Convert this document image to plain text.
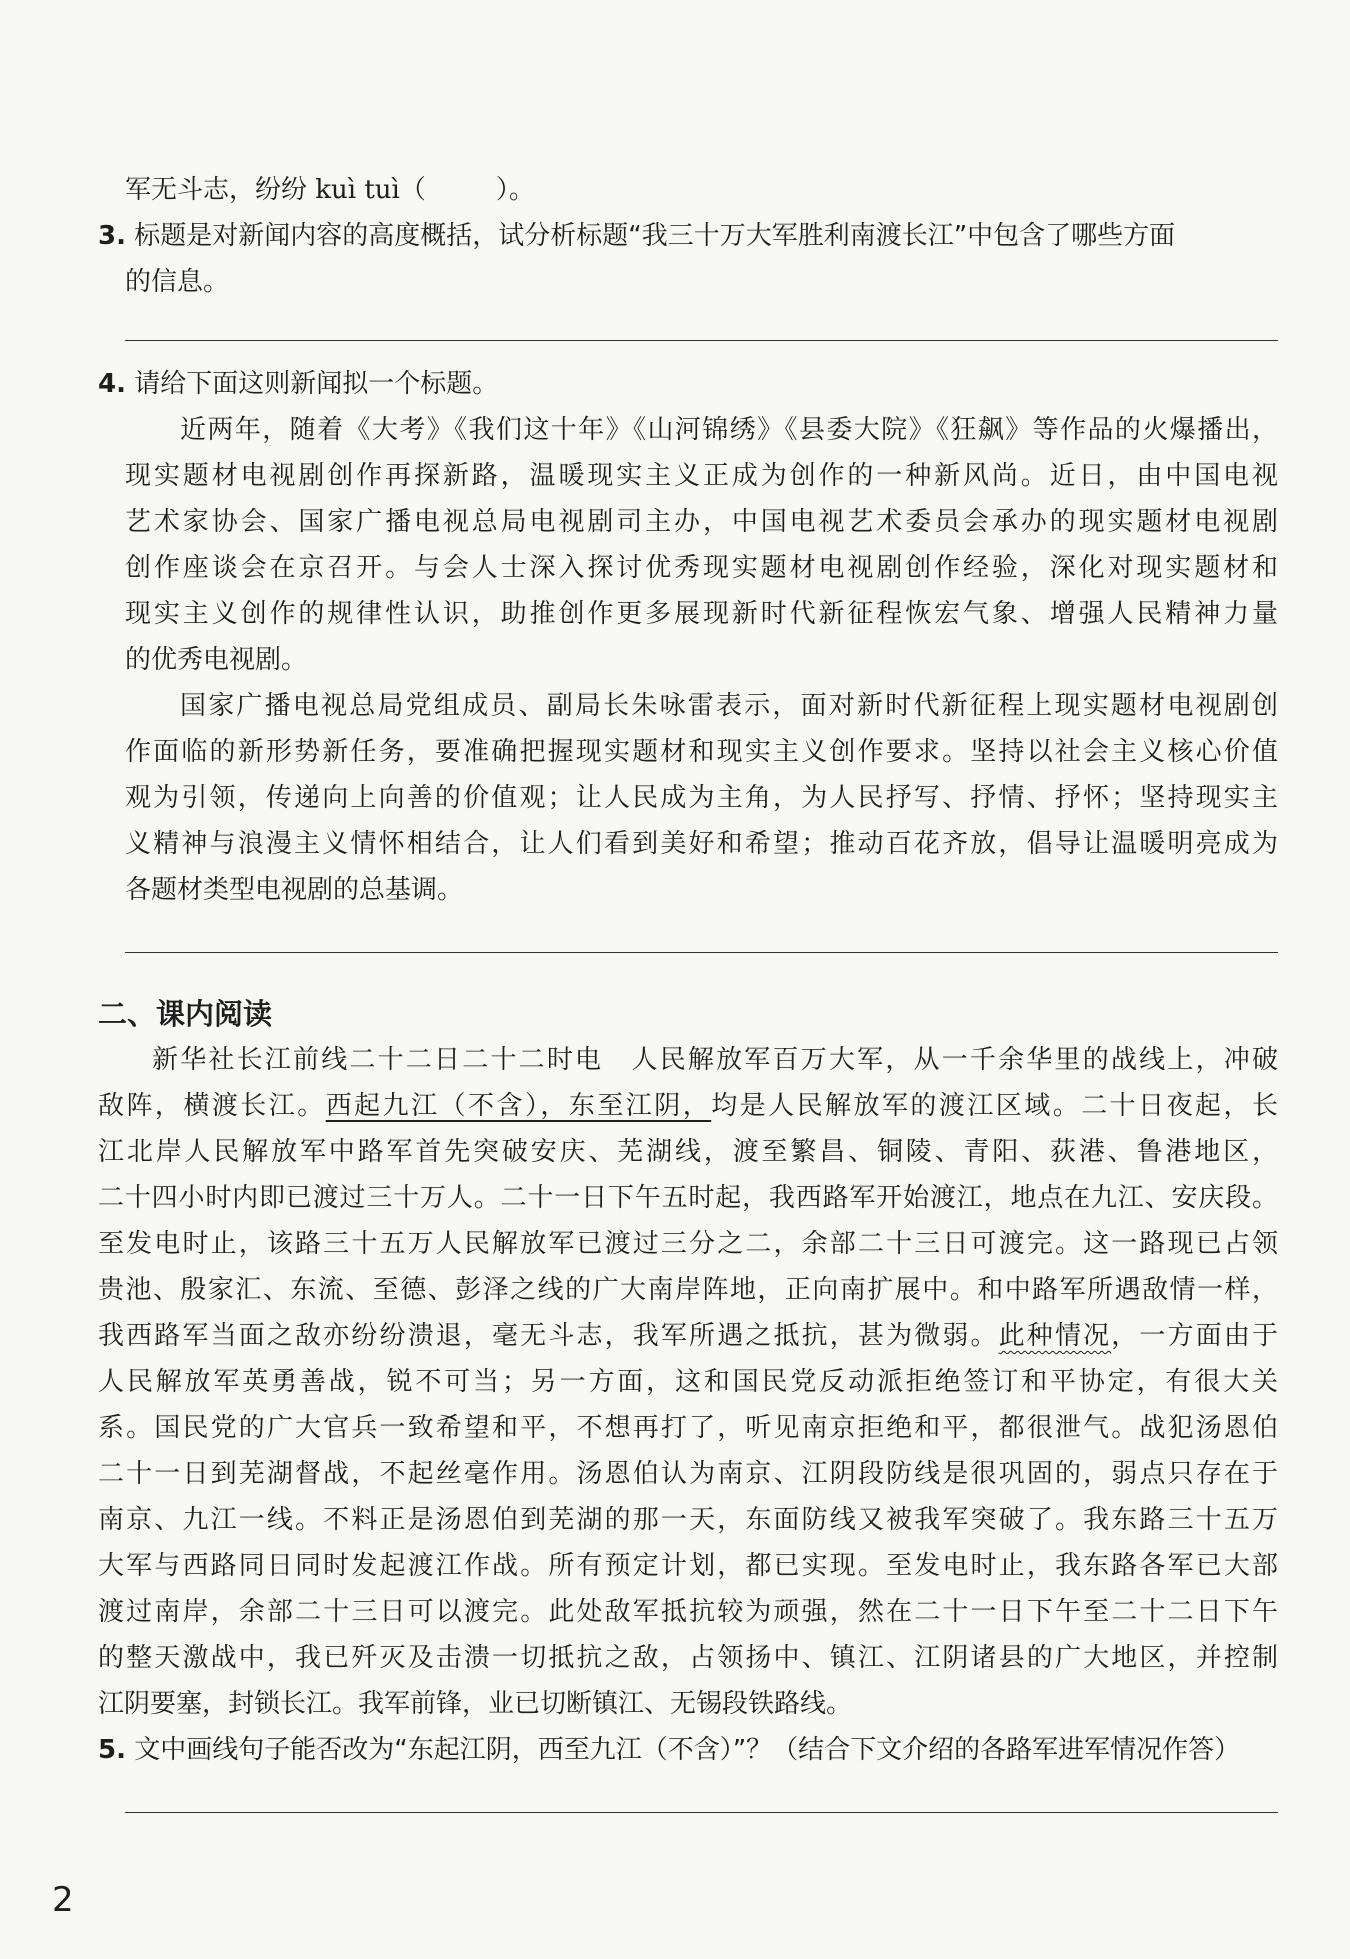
军无斗志，纷纷 kuì tuì（	）。
3. 标题是对新闻内容的高度概括，试分析标题“我三十万大军胜利南渡长江”中包含了哪些方面
的信息。
4. 请给下面这则新闻拟一个标题。
近两年，随着《大考》《我们这十年》《山河锦绣》《县委大院》《狂飙》等作品的火爆播出，
现实题材电视剧创作再探新路，温暖现实主义正成为创作的一种新风尚。近日，由中国电视
艺术家协会、国家广播电视总局电视剧司主办，中国电视艺术委员会承办的现实题材电视剧
创作座谈会在京召开。与会人士深入探讨优秀现实题材电视剧创作经验，深化对现实题材和
现实主义创作的规律性认识，助推创作更多展现新时代新征程恢宏气象、增强人民精神力量
的优秀电视剧。
国家广播电视总局党组成员、副局长朱咏雷表示，面对新时代新征程上现实题材电视剧创
作面临的新形势新任务，要准确把握现实题材和现实主义创作要求。坚持以社会主义核心价值
观为引领，传递向上向善的价值观；让人民成为主角，为人民抒写、抒情、抒怀；坚持现实主
义精神与浪漫主义情怀相结合，让人们看到美好和希望；推动百花齐放，倡导让温暖明亮成为
各题材类型电视剧的总基调。
二、课内阅读
新华社长江前线二十二日二十二时电　 人民解放军百万大军，从一千余华里的战线上，冲破
敌阵，横渡长江。西起九江（不含），东至江阴，均是人民解放军的渡江区域。二十日夜起，长
江北岸人民解放军中路军首先突破安庆、芜湖线，渡至繁昌、铜陵、青阳、荻港、鲁港地区，
二十四小时内即已渡过三十万人。二十一日下午五时起，我西路军开始渡江，地点在九江、安庆段。
至发电时止，该路三十五万人民解放军已渡过三分之二，余部二十三日可渡完。这一路现已占领
贵池、殷家汇、东流、至德、彭泽之线的广大南岸阵地，正向南扩展中。和中路军所遇敌情一样，
我西路军当面之敌亦纷纷溃退，毫无斗志，我军所遇之抵抗，甚为微弱。此种情况，一方面由于
人民解放军英勇善战，锐不可当；另一方面，这和国民党反动派拒绝签订和平协定，有很大关
系。国民党的广大官兵一致希望和平，不想再打了，听见南京拒绝和平，都很泄气。战犯汤恩伯
二十一日到芜湖督战，不起丝毫作用。汤恩伯认为南京、江阴段防线是很巩固的，弱点只存在于
南京、九江一线。不料正是汤恩伯到芜湖的那一天，东面防线又被我军突破了。我东路三十五万
大军与西路同日同时发起渡江作战。所有预定计划，都已实现。至发电时止，我东路各军已大部
渡过南岸，余部二十三日可以渡完。此处敌军抵抗较为顽强，然在二十一日下午至二十二日下午
的整天激战中，我已歼灭及击溃一切抵抗之敌，占领扬中、镇江、江阴诸县的广大地区，并控制
江阴要塞，封锁长江。我军前锋，业已切断镇江、无锡段铁路线。
5. 文中画线句子能否改为“东起江阴，西至九江（不含）”？（结合下文介绍的各路军进军情况作答）
2
